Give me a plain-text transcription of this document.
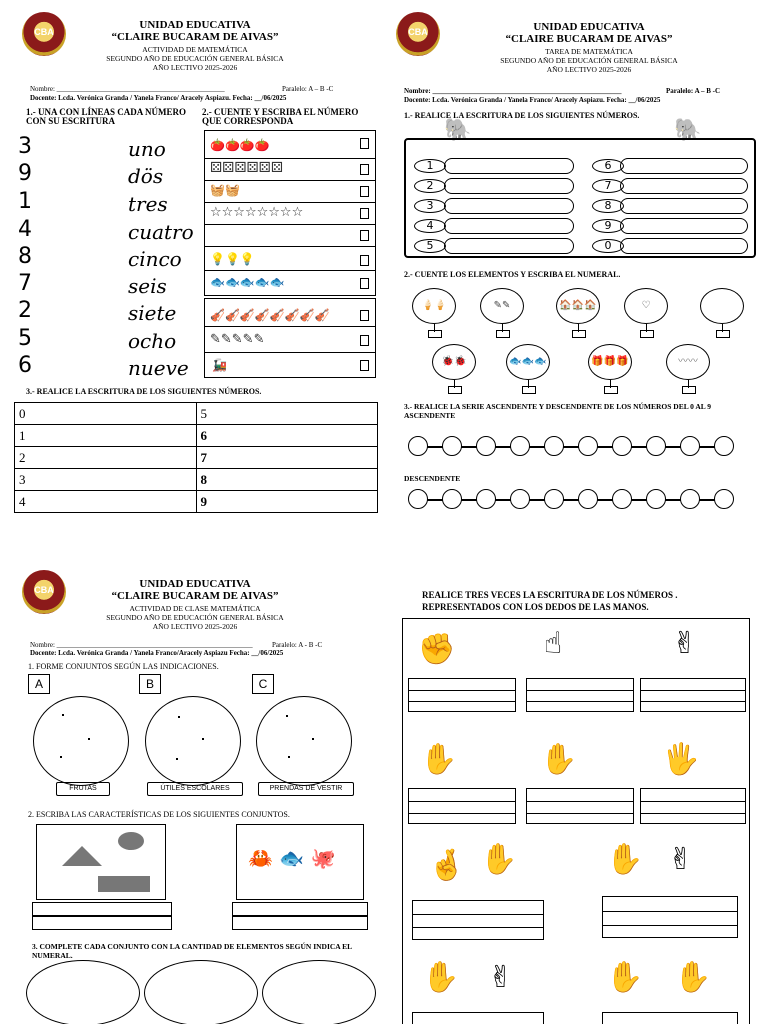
CBA
UNIDAD EDUCATIVA
“CLAIRE BUCARAM DE AIVAS”
ACTIVIDAD DE MATEMÁTICA
SEGUNDO AÑO DE EDUCACIÓN GENERAL BÁSICA
AÑO LECTIVO 2025-2026
Nombre: ________________________________________________	Paralelo: A – B -C
Docente: Lcda. Verónica Granda / Yanela Franco/ Aracely Aspiazu. Fecha: __/06/2025
1.- UNA CON LÍNEAS CADA NÚMERO CON SU ESCRITURA
2.- CUENTE Y ESCRIBA EL NÚMERO QUE CORRESPONDA
3
9
1
4
8
7
2
5
6
uno
dös
tres
cuatro
cinco
seis
siete
ocho
nueve
🍅🍅🍅🍅
⚄⚄⚄⚄⚄⚄
🧺🧺
☆☆☆☆☆☆☆☆
💡💡💡
🐟🐟🐟🐟🐟
🎻🎻🎻🎻🎻🎻🎻🎻
✎✎✎✎✎
🚂
3.- REALICE LA ESCRITURA DE LOS SIGUIENTES NÚMEROS.
0	5
1	6
2	7
3	8
4	9
CBA	UNIDAD EDUCATIVA
“CLAIRE BUCARAM DE AIVAS”
TAREA DE MATEMÁTICA
SEGUNDO AÑO DE EDUCACIÓN GENERAL BÁSICA
AÑO LECTIVO 2025-2026
Nombre: ______________________________________________________	Paralelo: A – B -C
Docente: Lcda. Verónica Granda / Yanela Franco/ Aracely Aspiazu. Fecha: __/06/2025
1.- REALICE LA ESCRITURA DE LOS SIGUIENTES NÚMEROS.
🐘	🐘
1
2
3
4
5
6
7
8
9
0
2.- CUENTE LOS ELEMENTOS Y ESCRIBA EL NUMERAL.
🍦🍦	✎✎	🏠🏠🏠	♡
🐞🐞	🐟🐟🐟	🎁🎁🎁	〰〰
3.- REALICE LA SERIE ASCENDENTE Y DESCENDENTE DE LOS NÚMEROS DEL 0 AL 9
ASCENDENTE
DESCENDENTE
CBA	UNIDAD EDUCATIVA
“CLAIRE BUCARAM DE AIVAS”
ACTIVIDAD DE CLASE MATEMÁTICA
SEGUNDO AÑO DE EDUCACIÓN GENERAL BÁSICA
AÑO LECTIVO 2025-2026
Nombre: ________________________________________________________	Paralelo: A - B -C
Docente: Lcda. Verónica Granda / Yanela Franco/Aracely Aspiazu Fecha: __/06/2025
1. FORME CONJUNTOS SEGÚN LAS INDICACIONES.
A	B	C
FRUTAS	ÚTILES ESCOLARES	PRENDAS DE VESTIR
2. ESCRIBA LAS CARACTERÍSTICAS DE LOS SIGUIENTES CONJUNTOS.
🦀 🐟 🐙
3. COMPLETE CADA CONJUNTO CON LA CANTIDAD DE ELEMENTOS SEGÚN INDICA EL NUMERAL.
REALICE TRES VECES LA ESCRITURA DE LOS NÚMEROS .
REPRESENTADOS CON LOS DEDOS DE LAS MANOS.
✊	☝	✌
✋	✋	🖐
🤞 ✋	✋ ✌
✋ ✌	✋ ✋
